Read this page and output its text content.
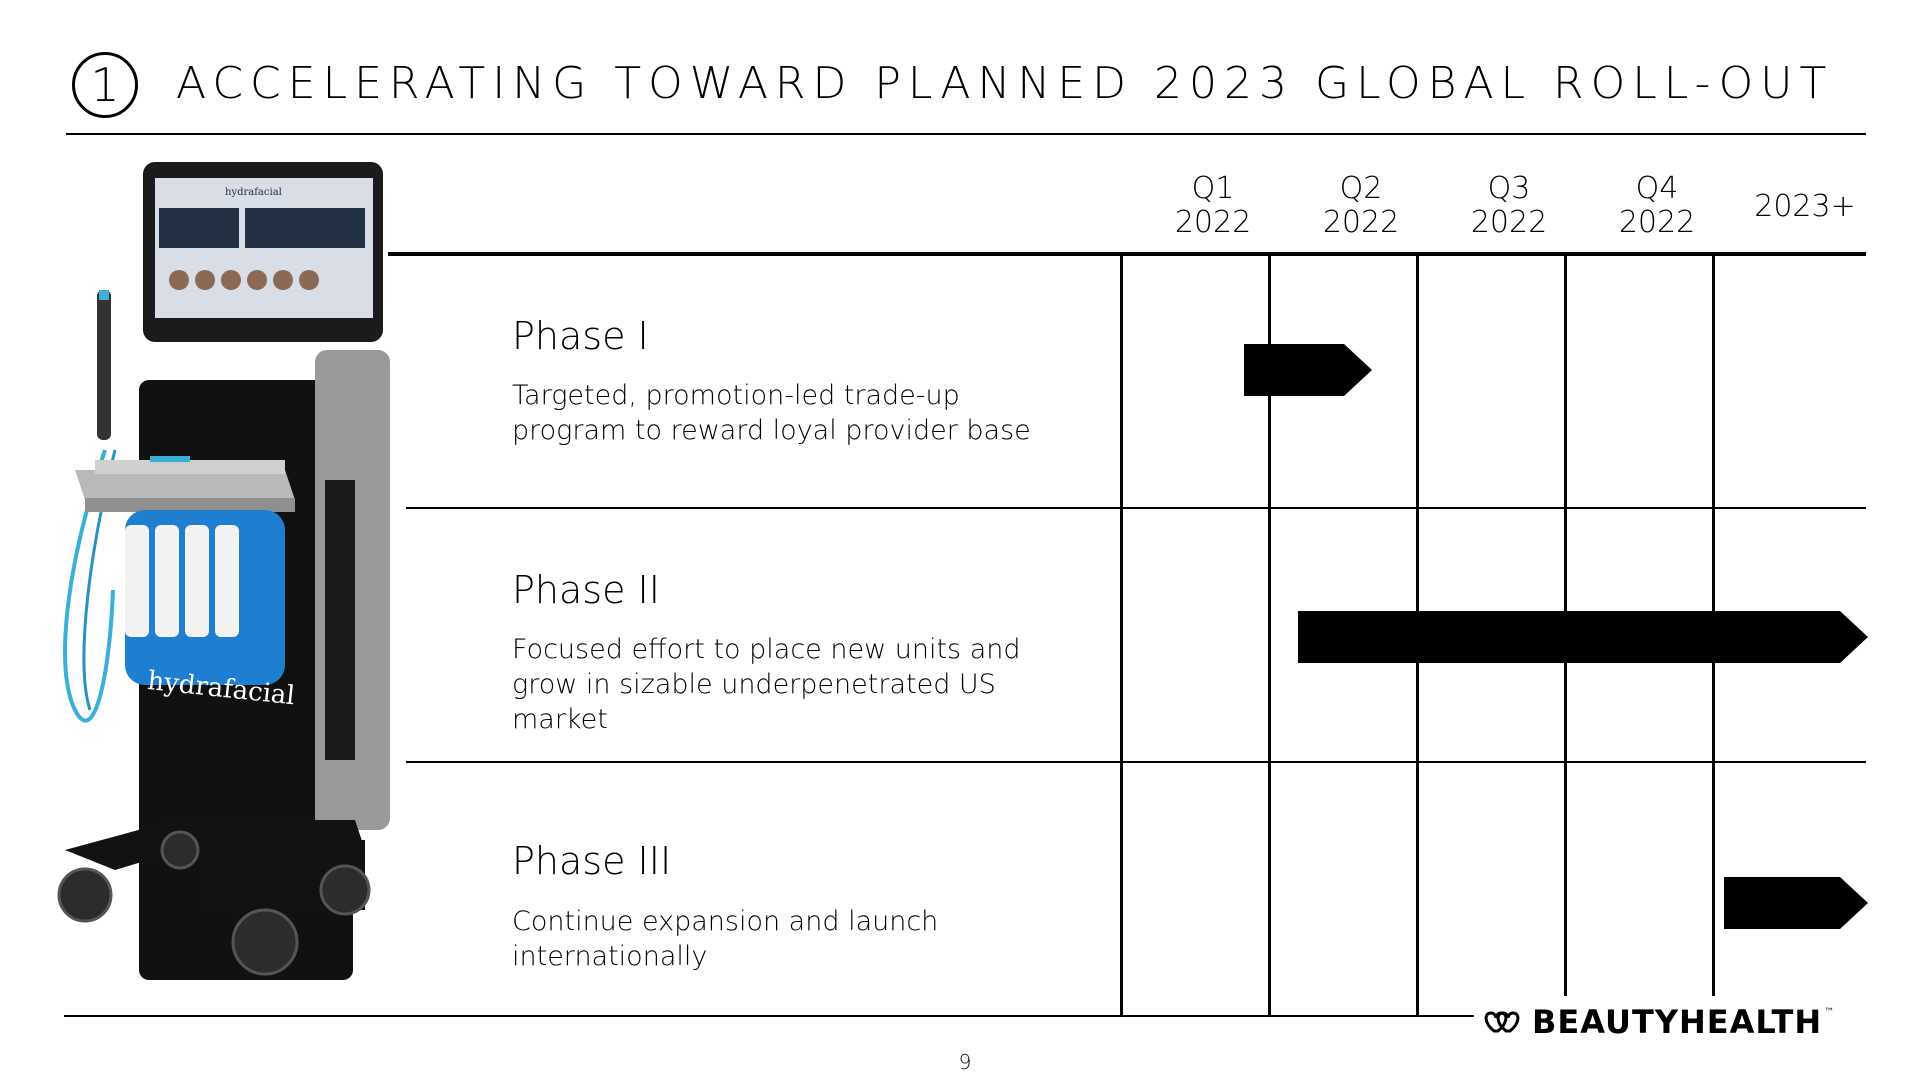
1 ACCELERATING TOWARD PLANNED 2023 GLOBAL ROLL-OUT
hydrafacial
hydrafacial
Q1
2022
Q2
2022
Q3
2022
Q4
2022	2023+
Phase I
Targeted, promotion-led trade-up program to reward loyal provider base
Phase II
Focused effort to place new units and grow in sizable underpenetrated US market
Phase III
Continue expansion and launch internationally
BEAUTYHEALTH ™
9
